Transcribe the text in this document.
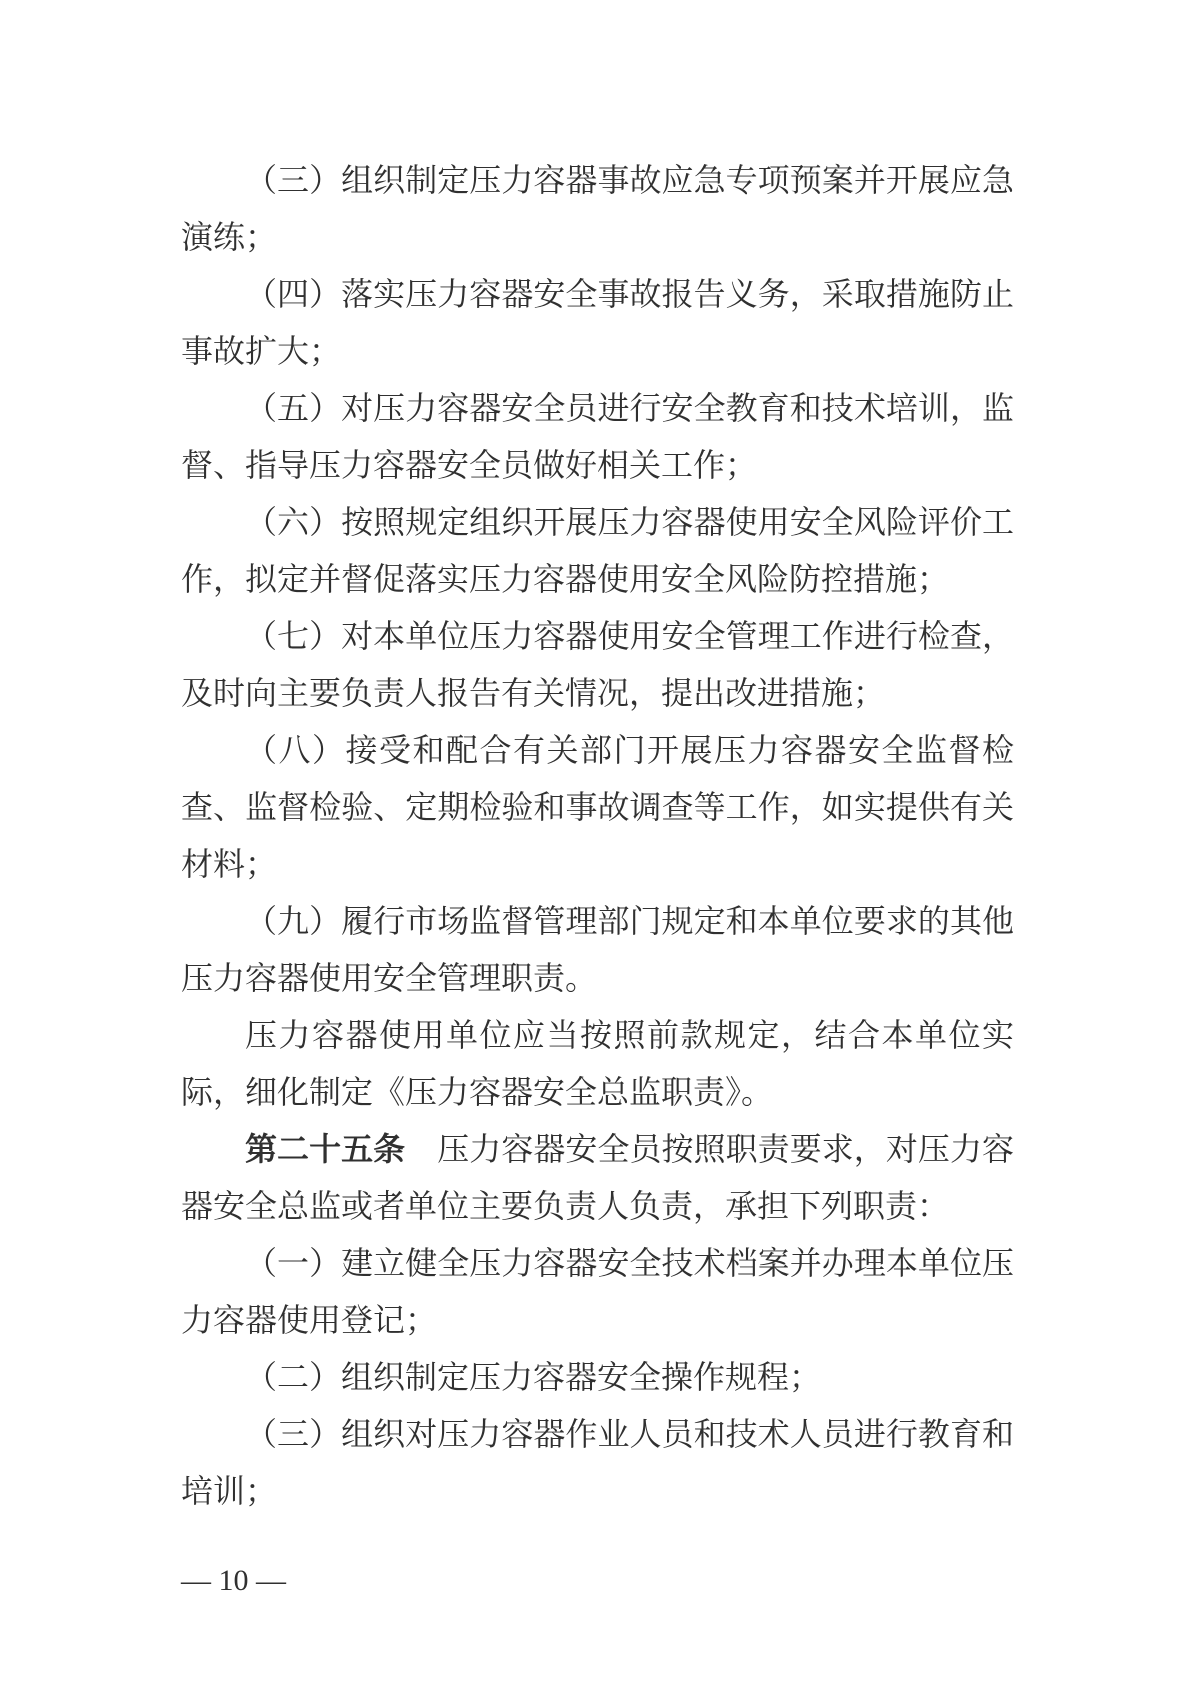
（三）组织制定压力容器事故应急专项预案并开展应急演练；

（四）落实压力容器安全事故报告义务，采取措施防止事故扩大；

（五）对压力容器安全员进行安全教育和技术培训，监督、指导压力容器安全员做好相关工作；

（六）按照规定组织开展压力容器使用安全风险评价工作，拟定并督促落实压力容器使用安全风险防控措施；

（七）对本单位压力容器使用安全管理工作进行检查，及时向主要负责人报告有关情况，提出改进措施；

（八）接受和配合有关部门开展压力容器安全监督检查、监督检验、定期检验和事故调查等工作，如实提供有关材料；

（九）履行市场监督管理部门规定和本单位要求的其他压力容器使用安全管理职责。

压力容器使用单位应当按照前款规定，结合本单位实际，细化制定《压力容器安全总监职责》。

第二十五条 压力容器安全员按照职责要求，对压力容器安全总监或者单位主要负责人负责，承担下列职责：

（一）建立健全压力容器安全技术档案并办理本单位压力容器使用登记；

（二）组织制定压力容器安全操作规程；

（三）组织对压力容器作业人员和技术人员进行教育和培训；

— 10 —
